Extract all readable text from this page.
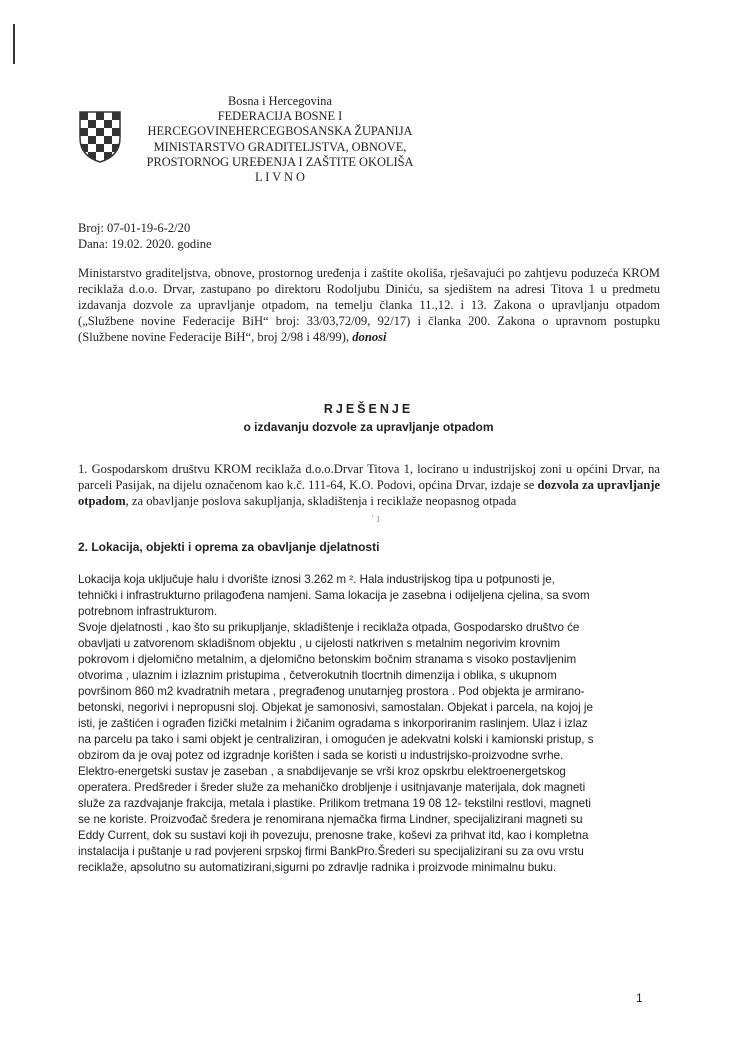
Bosna i Hercegovina
FEDERACIJA BOSNE I
HERCEGOVINEHERCEGBOSANSKA ŽUPANIJA
MINISTARSTVO GRADITELJSTVA, OBNOVE,
PROSTORNOG UREĐENJA I ZAŠTITE OKOLIŠA
L I V N O
Broj: 07-01-19-6-2/20
Dana: 19.02. 2020. godine
Ministarstvo graditeljstva, obnove, prostornog uređenja i zaštite okoliša, rješavajući po zahtjevu poduzeća KROM reciklaža d.o.o. Drvar, zastupano po direktoru Rodoljubu Diniću, sa sjedištem na adresi Titova 1 u predmetu izdavanja dozvole za upravljanje otpadom, na temelju članka 11.,12. i 13. Zakona o upravljanju otpadom („Službene novine Federacije BiH“ broj: 33/03,72/09, 92/17) i članka 200. Zakona o upravnom postupku (Službene novine Federacije BiH“, broj 2/98 i 48/99), donosi
RJEŠENJE
o izdavanju dozvole za upravljanje otpadom
1. Gospodarskom društvu KROM reciklaža d.o.o.Drvar Titova 1, locirano u industrijskoj zoni u općini Drvar, na parceli Pasijak, na dijelu označenom kao k.č. 111-64, K.O. Podovi, općina Drvar, izdaje se dozvola za upravljanje otpadom, za obavljanje poslova sakupljanja, skladištenja i reciklaže neopasnog otpada
' 1
2. Lokacija, objekti i oprema za obavljanje djelatnosti
Lokacija koja uključuje halu i dvorište iznosi 3.262 m ². Hala industrijskog tipa u potpunosti je,
tehnički i infrastrukturno prilagođena namjeni. Sama lokacija je zasebna i odijeljena cjelina, sa svom
potrebnom infrastrukturom.
Svoje djelatnosti , kao što su prikupljanje, skladištenje i reciklaža otpada, Gospodarsko društvo će
obavljati u zatvorenom skladišnom objektu , u cijelosti natkriven s metalnim negorivim krovnim
pokrovom i djelomično metalnim, a djelomično betonskim bočnim stranama s visoko postavljenim
otvorima , ulaznim i izlaznim pristupima , četverokutnih tlocrtnih dimenzija i oblika, s ukupnom
površinom 860 m2 kvadratnih metara , pregrađenog unutarnjeg prostora . Pod objekta je armirano-
betonski, negorivi i nepropusni sloj. Objekat je samonosivi, samostalan. Objekat i parcela, na kojoj je
isti, je zaštićen i ograđen fizički metalnim i žičanim ogradama s inkorporiranim raslinjem. Ulaz i izlaz
na parcelu pa tako i sami objekt je centraliziran, i omogućen je adekvatni kolski i kamionski pristup, s
obzirom da je ovaj potez od izgradnje korišten i sada se koristi u industrijsko-proizvodne svrhe.
Elektro-energetski sustav je zaseban , a snabdijevanje se vrši kroz opskrbu elektroenergetskog
operatera. Predšreder i šreder služe za mehaničko drobljenje i usitnjavanje materijala, dok magneti
služe za razdvajanje frakcija, metala i plastike. Prilikom tretmana 19 08 12- tekstilni restlovi, magneti
se ne koriste. Proizvođač šredera je renomirana njemačka firma Lindner, specijalizirani magneti su
Eddy Current, dok su sustavi koji ih povezuju, prenosne trake, koševi za prihvat itd, kao i kompletna
instalacija i puštanje u rad povjereni srpskoj firmi BankPro.Šrederi su specijalizirani su za ovu vrstu
reciklaže, apsolutno su automatizirani,sigurni po zdravlje radnika i proizvode minimalnu buku.
1
